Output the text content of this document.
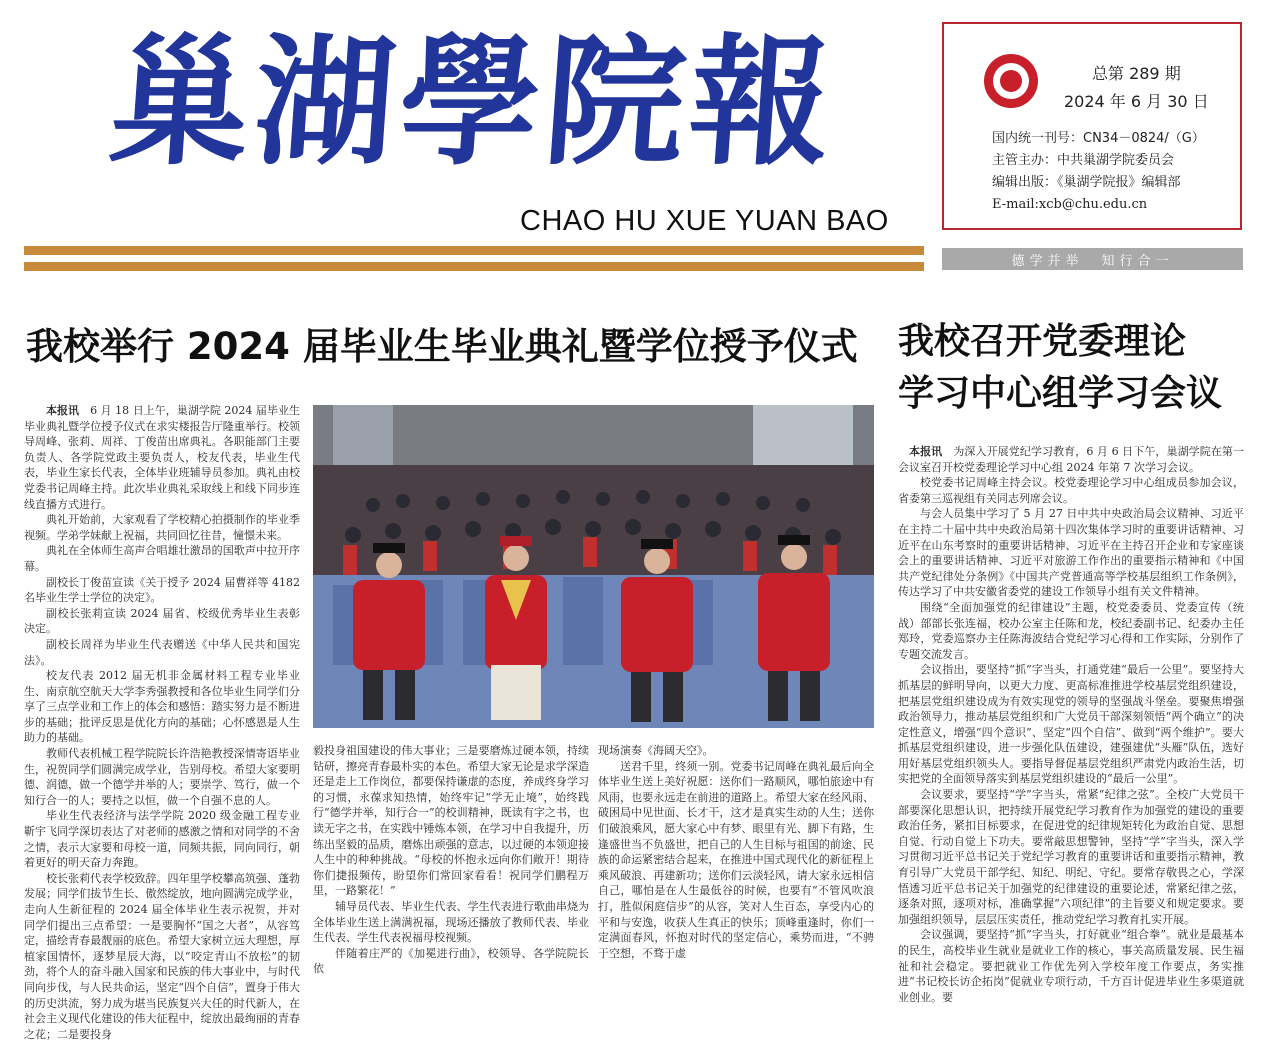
巢
湖
學
院
報
CHAO HU XUE YUAN BAO
总第 289 期
2024 年 6 月 30 日
国内统一刊号：CN34－0824/（G）
主管主办：中共巢湖学院委员会
编辑出版：《巢湖学院报》编辑部
E-mail:xcb@chu.edu.cn
德学并举　知行合一
我校举行 2024 届毕业生毕业典礼暨学位授予仪式 我校召开党委理论
学习中心组学习会议

本报讯　 6 月 18 日上午，巢湖学院 2024 届毕业生毕业典礼暨学位授予仪式在求实楼报告厅隆重举行。校领导周峰、张莉、周祥、丁俊苗出席典礼。各职能部门主要负责人、各学院党政主要负责人，校友代表，毕业生代表，毕业生家长代表，全体毕业班辅导员参加。典礼由校党委书记周峰主持。此次毕业典礼采取线上和线下同步连线直播方式进行。

典礼开始前，大家观看了学校精心拍摄制作的毕业季视频。学弟学妹献上祝福，共同回忆往昔，憧憬未来。

典礼在全体师生高声合唱雄壮激昂的国歌声中拉开序幕。

副校长丁俊苗宣读《关于授予 2024 届曹祥等 4182 名毕业生学士学位的决定》。

副校长张莉宣读 2024 届省、校级优秀毕业生表彰决定。

副校长周祥为毕业生代表赠送《中华人民共和国宪法》。

校友代表 2012 届无机非金属材料工程专业毕业生、南京航空航天大学李秀强教授和各位毕业生同学们分享了三点学业和工作上的体会和感悟：踏实努力是不断进步的基础；批评反思是优化方向的基础；心怀感恩是人生助力的基础。

教师代表机械工程学院院长许浩艳教授深情寄语毕业生，祝贺同学们圆满完成学业，告别母校。希望大家要明德、润德，做一个德学并举的人；要崇学、笃行，做一个知行合一的人；要持之以恒，做一个自强不息的人。

毕业生代表经济与法学学院 2020 级金融工程专业靳宇飞同学深切表达了对老师的感激之情和对同学的不舍之情，表示大家要和母校一道，同频共振，同向同行，朝着更好的明天奋力奔跑。

校长张莉代表学校致辞。四年里学校攀高筑强、蓬勃发展；同学们拔节生长、傲然绽放，地向圆满完成学业，走向人生新征程的 2024 届全体毕业生表示祝贺，并对同学们提出三点希望：一是要胸怀“国之大者”，从容笃定，描绘青春最靓丽的底色。希望大家树立远大理想，厚植家国情怀，逐梦星辰大海，以“咬定青山不放松”的韧劲，将个人的奋斗融入国家和民族的伟大事业中，与时代同向步伐，与人民共命运，坚定“四个自信”，置身于伟大的历史洪流，努力成为堪当民族复兴大任的时代新人，在社会主义现代化建设的伟大征程中，绽放出最绚丽的青春之花；二是要投身

毅投身祖国建设的伟大事业；三是要磨炼过硬本领，持续钻研，擦亮青春最朴实的本色。希望大家无论是求学深造还是走上工作岗位，都要保持谦虚的态度，养成终身学习的习惯，永葆求知热情，始终牢记“学无止境”，始终践行“德学并举，知行合一”的校训精神，既读有字之书，也读无字之书，在实践中锤炼本领，在学习中自我提升，历练出坚毅的品质，磨炼出顽强的意志，以过硬的本领迎接人生中的种种挑战。“母校的怀抱永远向你们敞开！期待你们捷报频传，盼望你们常回家看看！祝同学们鹏程万里，一路繁花！”

辅导员代表、毕业生代表、学生代表进行歌曲串烧为全体毕业生送上满满祝福，现场还播放了教师代表、毕业生代表、学生代表祝福母校视频。

伴随着庄严的《加冕进行曲》，校领导、各学院院长依

现场演奏《海阔天空》。

送君千里，终须一别。党委书记周峰在典礼最后向全体毕业生送上美好祝愿：送你们一路顺风，哪怕旅途中有风雨，也要永远走在前进的道路上。希望大家在经风雨、破困局中见世面、长才干，这才是真实生动的人生；送你们破浪乘风，愿大家心中有梦、眼里有光、脚下有路，生逢盛世当不负盛世，把自己的人生目标与祖国的前途、民族的命运紧密结合起来，在推进中国式现代化的新征程上乘风破浪、再建新功；送你们云淡轻风，请大家永远相信自己，哪怕是在人生最低谷的时候，也要有“不管风吹浪打，胜似闲庭信步”的从容，笑对人生百态，享受内心的平和与安逸，收获人生真正的快乐；顶峰重逢时，你们一定满面春风，怀抱对时代的坚定信心，乘势而进，“不骋于空想，不骛于虚

本报讯　 为深入开展党纪学习教育，6 月 6 日下午，巢湖学院在第一会议室召开校党委理论学习中心组 2024 年第 7 次学习会议。

校党委书记周峰主持会议。校党委理论学习中心组成员参加会议，省委第三巡视组有关同志列席会议。

与会人员集中学习了 5 月 27 日中共中央政治局会议精神、习近平在主持二十届中共中央政治局第十四次集体学习时的重要讲话精神、习近平在山东考察时的重要讲话精神、习近平在主持召开企业和专家座谈会上的重要讲话精神、习近平对旅游工作作出的重要指示精神和《中国共产党纪律处分条例》《中国共产党普通高等学校基层组织工作条例》，传达学习了中共安徽省委党的建设工作领导小组有关文件精神。

围绕“全面加强党的纪律建设”主题，校党委委员、党委宣传（统战）部部长张连福，校办公室主任陈和龙，校纪委副书记、纪委办主任郑玲，党委巡察办主任陈海波结合党纪学习心得和工作实际，分别作了专题交流发言。

会议指出，要坚持“抓”字当头，打通党建“最后一公里”。要坚持大抓基层的鲜明导向，以更大力度、更高标准推进学校基层党组织建设，把基层党组织建设成为有效实现党的领导的坚强战斗堡垒。要聚焦增强政治领导力，推动基层党组织和广大党员干部深刻领悟“两个确立”的决定性意义，增强“四个意识”、坚定“四个自信”、做到“两个维护”。要大抓基层党组织建设，进一步强化队伍建设，建强建优“头雁”队伍，选好用好基层党组织领头人。要指导督促基层党组织严肃党内政治生活，切实把党的全面领导落实到基层党组织建设的“最后一公里”。

会议要求，要坚持“学”字当头，常紧“纪律之弦”。全校广大党员干部要深化思想认识，把持续开展党纪学习教育作为加强党的建设的重要政治任务，紧扣目标要求，在促进党的纪律规矩转化为政治自觉、思想自觉、行动自觉上下功夫。要常敲思想警钟，坚持“学”字当头，深入学习贯彻习近平总书记关于党纪学习教育的重要讲话和重要指示精神，教育引导广大党员干部学纪、知纪、明纪、守纪。要常存敬畏之心，学深悟透习近平总书记关于加强党的纪律建设的重要论述，常紧纪律之弦，逐条对照，逐项对标，准确掌握“六项纪律”的主旨要义和规定要求。要加强组织领导，层层压实责任，推动党纪学习教育扎实开展。

会议强调，要坚持“抓”字当头，打好就业“组合拳”。就业是最基本的民生，高校毕业生就业是就业工作的核心，事关高质量发展、民生福祉和社会稳定。要把就业工作优先列入学校年度工作要点，务实推进“书记校长访企拓岗”促就业专项行动，千方百计促进毕业生多渠道就业创业。要
